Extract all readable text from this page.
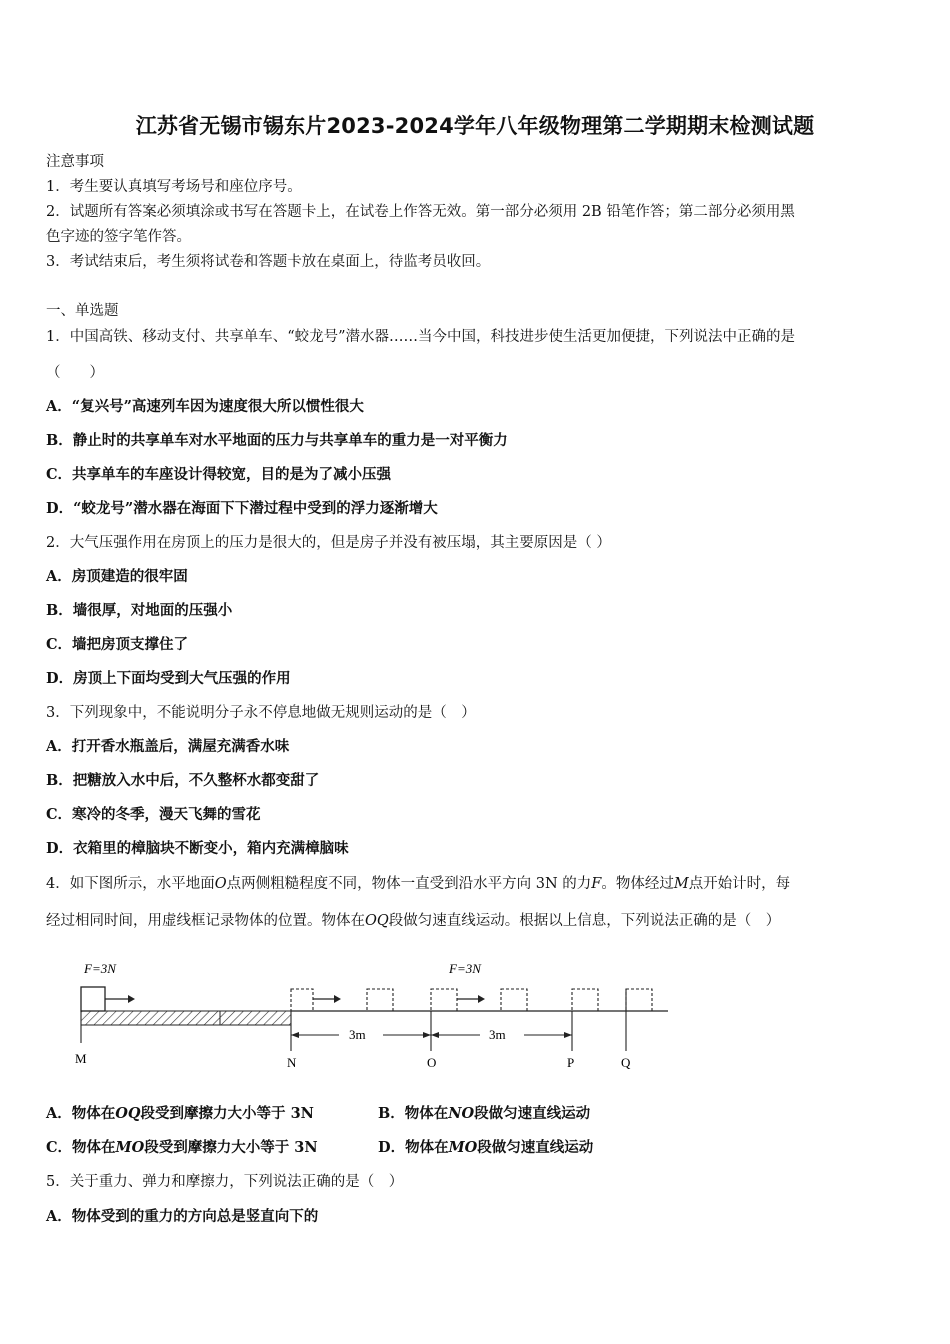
江苏省无锡市锡东片2023-2024学年八年级物理第二学期期末检测试题
注意事项
1．考生要认真填写考场号和座位序号。
2．试题所有答案必须填涂或书写在答题卡上，在试卷上作答无效。第一部分必须用 2B 铅笔作答；第二部分必须用黑
色字迹的签字笔作答。
3．考试结束后，考生须将试卷和答题卡放在桌面上，待监考员收回。
一、单选题
1．中国高铁、移动支付、共享单车、“蛟龙号”潜水器……当今中国，科技进步使生活更加便捷，下列说法中正确的是
（　　）
A．“复兴号”高速列车因为速度很大所以惯性很大
B．静止时的共享单车对水平地面的压力与共享单车的重力是一对平衡力
C．共享单车的车座设计得较宽，目的是为了减小压强
D．“蛟龙号”潜水器在海面下下潜过程中受到的浮力逐渐增大
2．大气压强作用在房顶上的压力是很大的，但是房子并没有被压塌，其主要原因是（ ）
A．房顶建造的很牢固
B．墙很厚，对地面的压强小
C．墙把房顶支撑住了
D．房顶上下面均受到大气压强的作用
3．下列现象中，不能说明分子永不停息地做无规则运动的是（　）
A．打开香水瓶盖后，满屋充满香水味
B．把糖放入水中后，不久整杯水都变甜了
C．寒冷的冬季，漫天飞舞的雪花
D．衣箱里的樟脑块不断变小，箱内充满樟脑味
4．如下图所示，水平地面O点两侧粗糙程度不同，物体一直受到沿水平方向 3N 的力F。物体经过M点开始计时，每
经过相同时间，用虚线框记录物体的位置。物体在OQ段做匀速直线运动。根据以上信息，下列说法正确的是（　）
F=3N	F=3N
3m	3m
M	N	O	P	Q
A．物体在OQ段受到摩擦力大小等于 3N	B．物体在NO段做匀速直线运动
C．物体在MO段受到摩擦力大小等于 3N	D．物体在MO段做匀速直线运动
5．关于重力、弹力和摩擦力，下列说法正确的是（　）
A．物体受到的重力的方向总是竖直向下的
